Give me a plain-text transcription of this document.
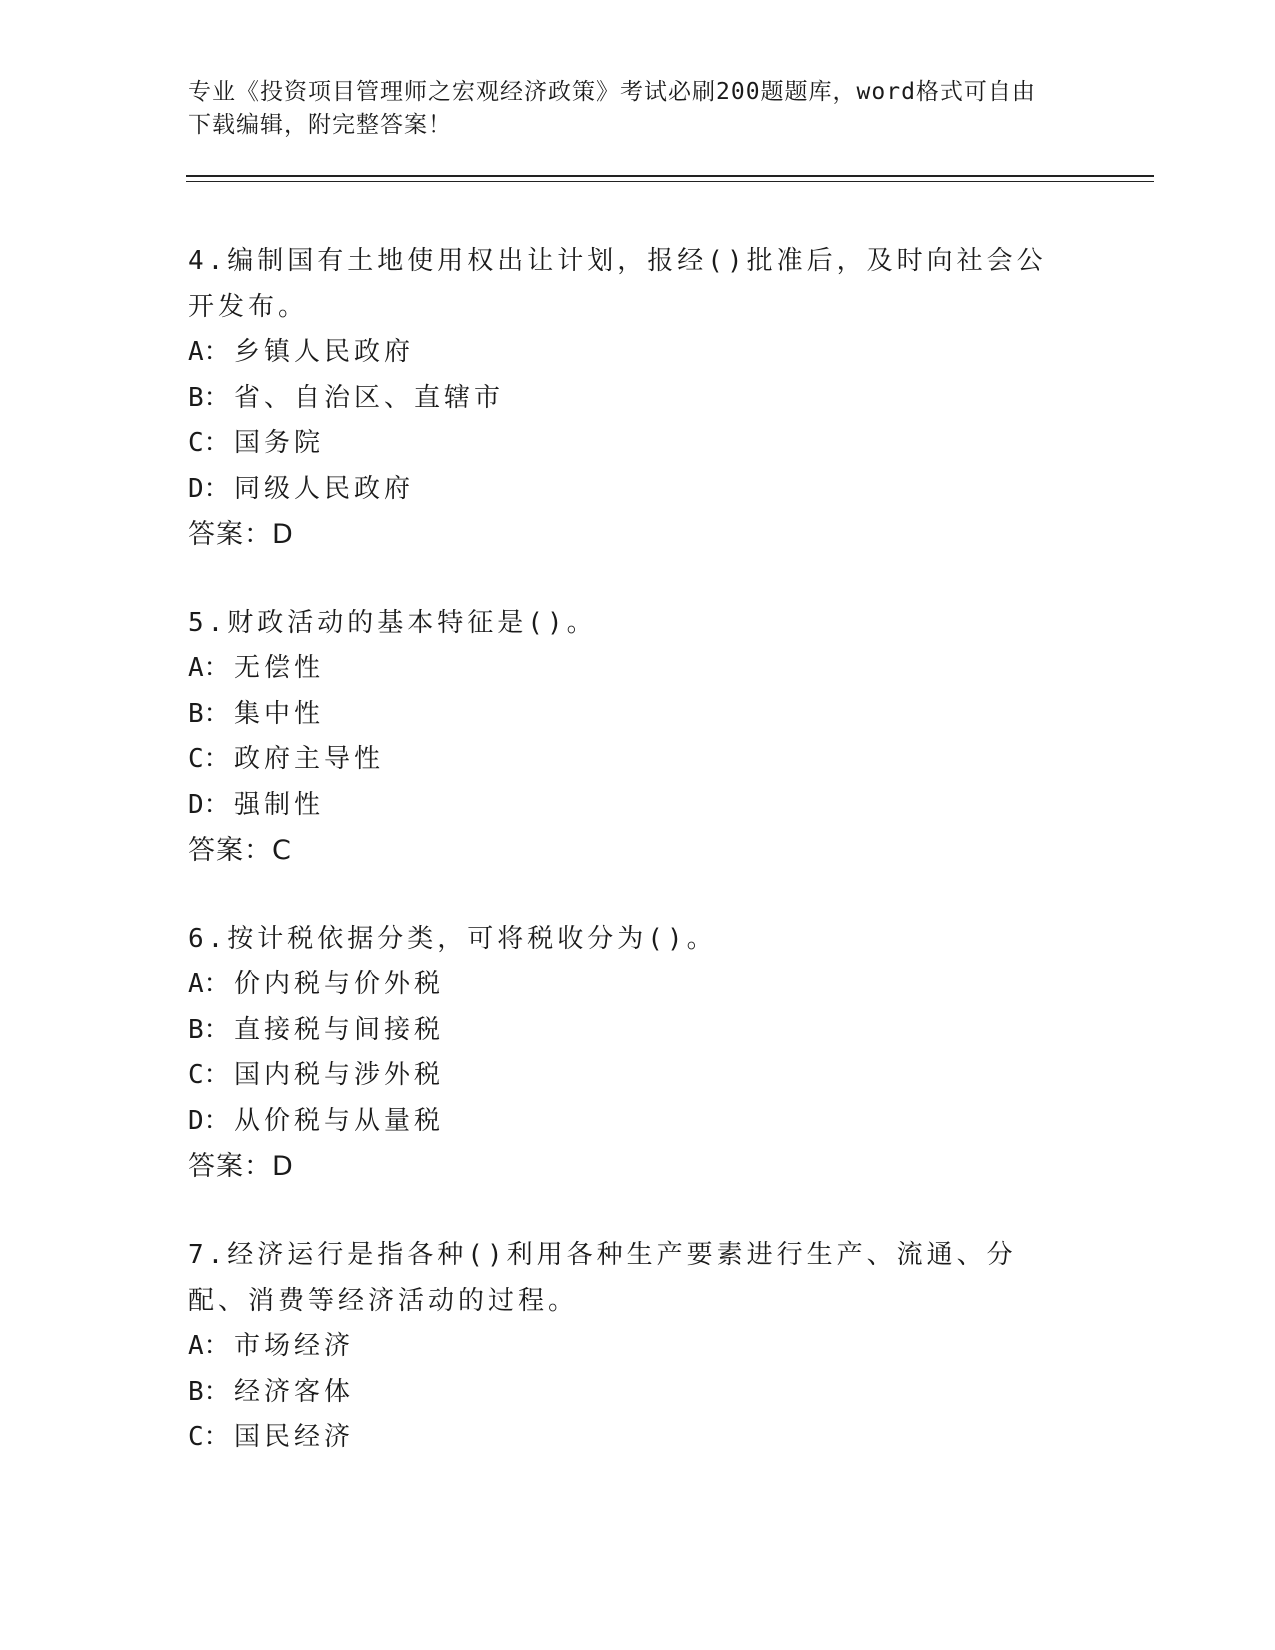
专业《投资项目管理师之宏观经济政策》考试必刷200题题库，word格式可自由
下载编辑，附完整答案！

4.编制国有土地使用权出让计划，报经()批准后，及时向社会公开发布。

A： 乡镇人民政府

B： 省、自治区、直辖市

C： 国务院

D： 同级人民政府

答案：D

5.财政活动的基本特征是()。

A： 无偿性

B： 集中性

C： 政府主导性

D： 强制性

答案：C

6.按计税依据分类，可将税收分为()。

A： 价内税与价外税

B： 直接税与间接税

C： 国内税与涉外税

D： 从价税与从量税

答案：D

7.经济运行是指各种()利用各种生产要素进行生产、流通、分配、消费等经济活动的过程。

A： 市场经济

B： 经济客体

C： 国民经济
